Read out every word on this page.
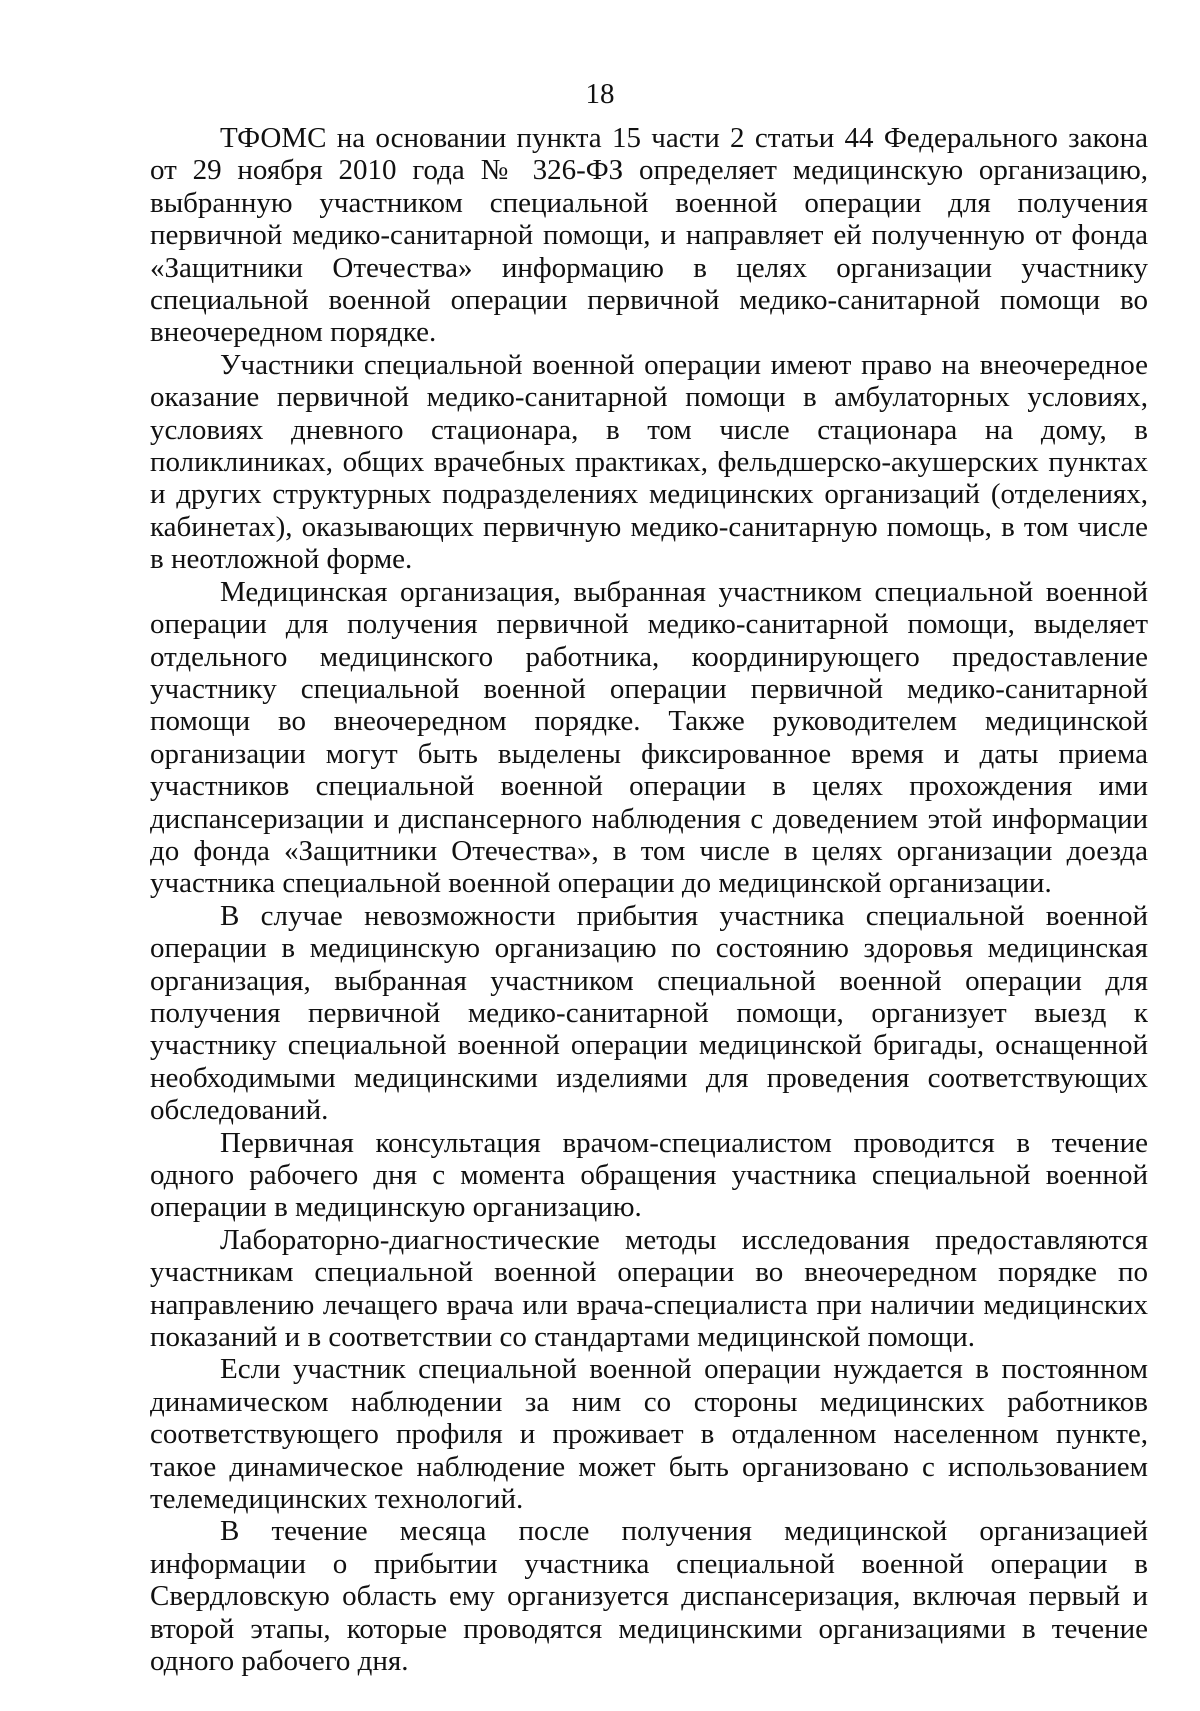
18

ТФОМС на основании пункта 15 части 2 статьи 44 Федерального закона от 29 ноября 2010 года № 326-ФЗ определяет медицинскую организацию, выбранную участником специальной военной операции для получения первичной медико-санитарной помощи, и направляет ей полученную от фонда «Защитники Отечества» информацию в целях организации участнику специальной военной операции первичной медико-санитарной помощи во внеочередном порядке.

Участники специальной военной операции имеют право на внеочередное оказание первичной медико-санитарной помощи в амбулаторных условиях, условиях дневного стационара, в том числе стационара на дому, в поликлиниках, общих врачебных практиках, фельдшерско-акушерских пунктах и других структурных подразделениях медицинских организаций (отделениях, кабинетах), оказывающих первичную медико-санитарную помощь, в том числе в неотложной форме.

Медицинская организация, выбранная участником специальной военной операции для получения первичной медико-санитарной помощи, выделяет отдельного медицинского работника, координирующего предоставление участнику специальной военной операции первичной медико-санитарной помощи во внеочередном порядке. Также руководителем медицинской организации могут быть выделены фиксированное время и даты приема участников специальной военной операции в целях прохождения ими диспансеризации и диспансерного наблюдения с доведением этой информации до фонда «Защитники Отечества», в том числе в целях организации доезда участника специальной военной операции до медицинской организации.

В случае невозможности прибытия участника специальной военной операции в медицинскую организацию по состоянию здоровья медицинская организация, выбранная участником специальной военной операции для получения первичной медико-санитарной помощи, организует выезд к участнику специальной военной операции медицинской бригады, оснащенной необходимыми медицинскими изделиями для проведения соответствующих обследований.

Первичная консультация врачом-специалистом проводится в течение одного рабочего дня с момента обращения участника специальной военной операции в медицинскую организацию.

Лабораторно-диагностические методы исследования предоставляются участникам специальной военной операции во внеочередном порядке по направлению лечащего врача или врача-специалиста при наличии медицинских показаний и в соответствии со стандартами медицинской помощи.

Если участник специальной военной операции нуждается в постоянном динамическом наблюдении за ним со стороны медицинских работников соответствующего профиля и проживает в отдаленном населенном пункте, такое динамическое наблюдение может быть организовано с использованием телемедицинских технологий.

В течение месяца после получения медицинской организацией информации о прибытии участника специальной военной операции в Свердловскую область ему организуется диспансеризация, включая первый и второй этапы, которые проводятся медицинскими организациями в течение одного рабочего дня.
